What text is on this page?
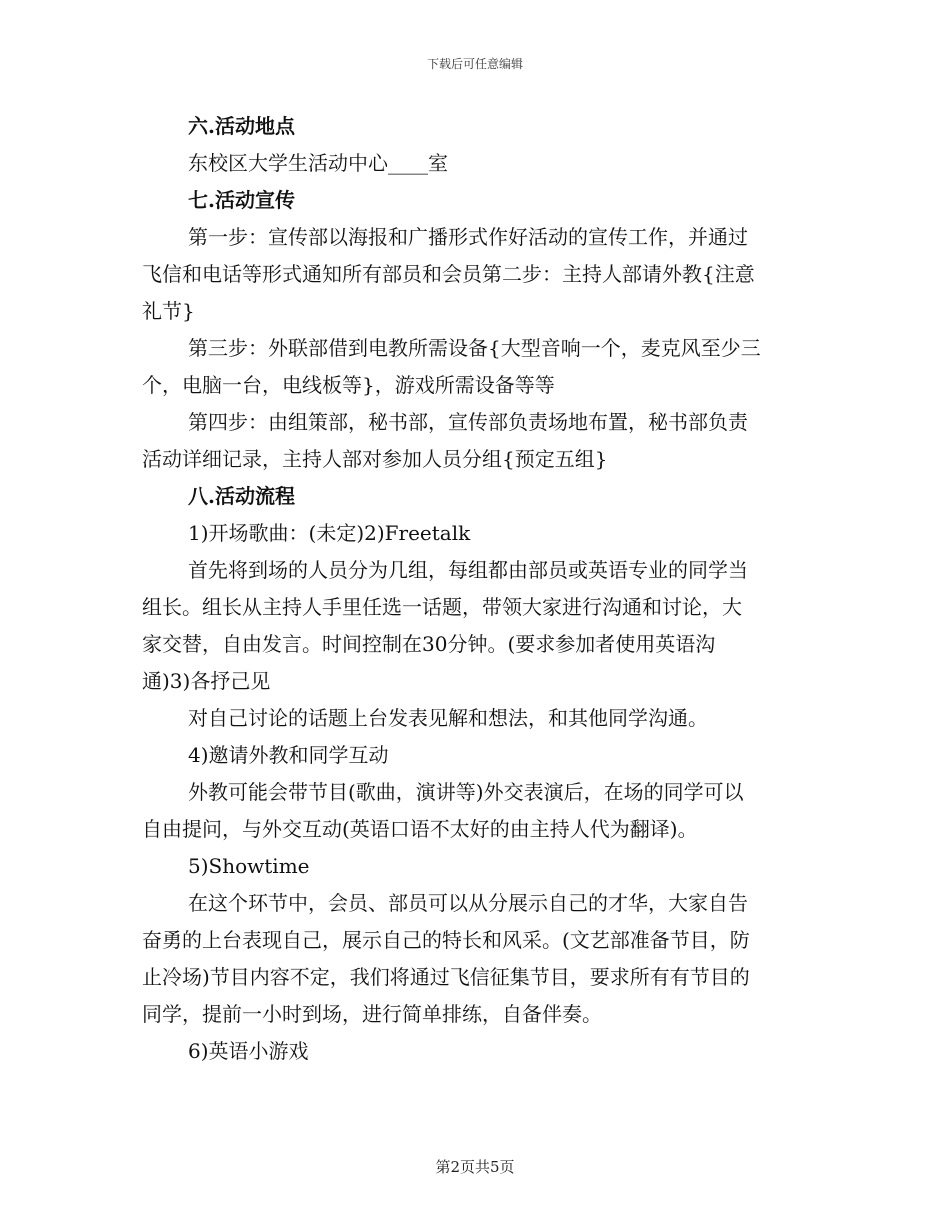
下载后可任意编辑
六.活动地点
东校区大学生活动中心____室
七.活动宣传
第一步：宣传部以海报和广播形式作好活动的宣传工作，并通过
飞信和电话等形式通知所有部员和会员第二步：主持人部请外教{注意
礼节}
第三步：外联部借到电教所需设备{大型音响一个，麦克风至少三
个，电脑一台，电线板等}，游戏所需设备等等
第四步：由组策部，秘书部，宣传部负责场地布置，秘书部负责
活动详细记录，主持人部对参加人员分组{预定五组}
八.活动流程
1)开场歌曲：(未定)2)Freetalk
首先将到场的人员分为几组，每组都由部员或英语专业的同学当
组长。组长从主持人手里任选一话题，带领大家进行沟通和讨论，大
家交替，自由发言。时间控制在30分钟。(要求参加者使用英语沟
通)3)各抒己见
对自己讨论的话题上台发表见解和想法，和其他同学沟通。
4)邀请外教和同学互动
外教可能会带节目(歌曲，演讲等)外交表演后，在场的同学可以
自由提问，与外交互动(英语口语不太好的由主持人代为翻译)。
5)Showtime
在这个环节中，会员、部员可以从分展示自己的才华，大家自告
奋勇的上台表现自己，展示自己的特长和风采。(文艺部准备节目，防
止冷场)节目内容不定，我们将通过飞信征集节目，要求所有有节目的
同学，提前一小时到场，进行简单排练，自备伴奏。
6)英语小游戏
第2页共5页
